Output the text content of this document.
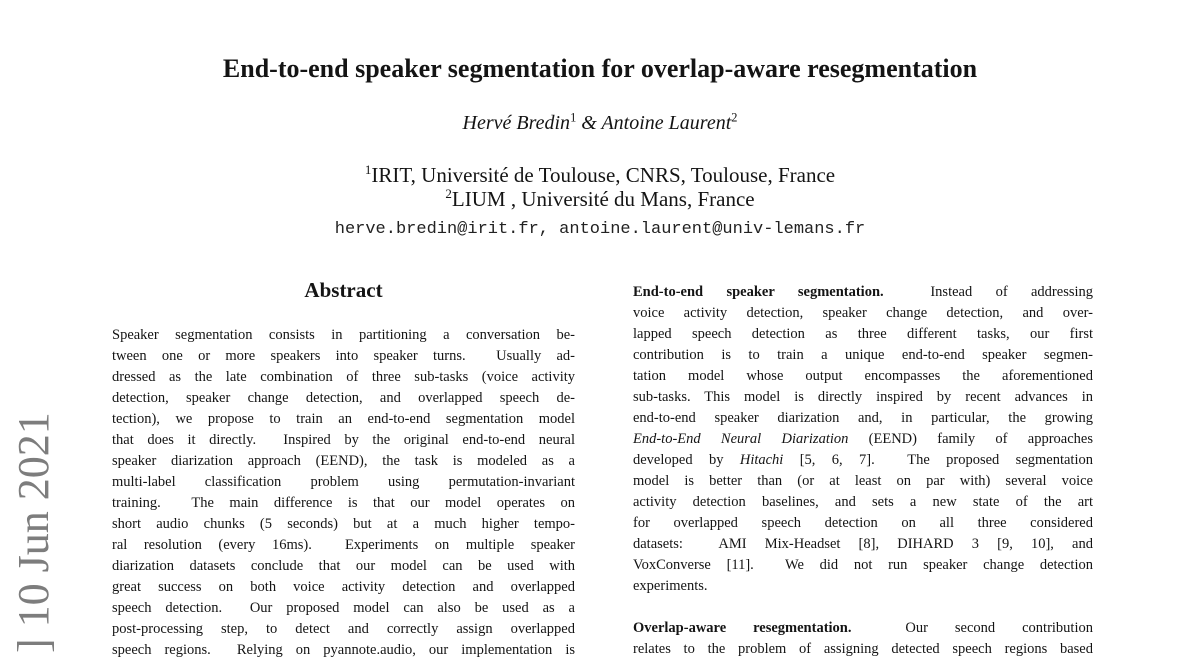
] 10 Jun 2021
End-to-end speaker segmentation for overlap-aware resegmentation
Hervé Bredin$^1$ & Antoine Laurent$^2$
$^1$IRIT, Université de Toulouse, CNRS, Toulouse, France
$^2$LIUM , Université du Mans, France
herve.bredin@irit.fr, antoine.laurent@univ-lemans.fr
Abstract
Speaker segmentation consists in partitioning a conversation be-
tween one or more speakers into speaker turns.  Usually ad-
dressed as the late combination of three sub-tasks (voice activity
detection, speaker change detection, and overlapped speech de-
tection), we propose to train an end-to-end segmentation model
that does it directly.  Inspired by the original end-to-end neural
speaker diarization approach (EEND), the task is modeled as a
multi-label classification problem using permutation-invariant
training.  The main difference is that our model operates on
short audio chunks (5 seconds) but at a much higher tempo-
ral resolution (every 16ms).  Experiments on multiple speaker
diarization datasets conclude that our model can be used with
great success on both voice activity detection and overlapped
speech detection.  Our proposed model can also be used as a
post-processing step, to detect and correctly assign overlapped
speech regions.  Relying on pyannote.audio, our implementation is
End-to-end speaker segmentation.  Instead of addressing
voice activity detection, speaker change detection, and over-
lapped speech detection as three different tasks, our first
contribution is to train a unique end-to-end speaker segmen-
tation model whose output encompasses the aforementioned
sub-tasks. This model is directly inspired by recent advances in
end-to-end speaker diarization and, in particular, the growing
End-to-End Neural Diarization (EEND) family of approaches
developed by Hitachi [5, 6, 7].  The proposed segmentation
model is better than (or at least on par with) several voice
activity detection baselines, and sets a new state of the art
for overlapped speech detection on all three considered
datasets:  AMI Mix-Headset [8], DIHARD 3 [9, 10], and
VoxConverse [11].  We did not run speaker change detection
experiments.
Overlap-aware resegmentation.  Our second contribution
relates to the problem of assigning detected speech regions based
